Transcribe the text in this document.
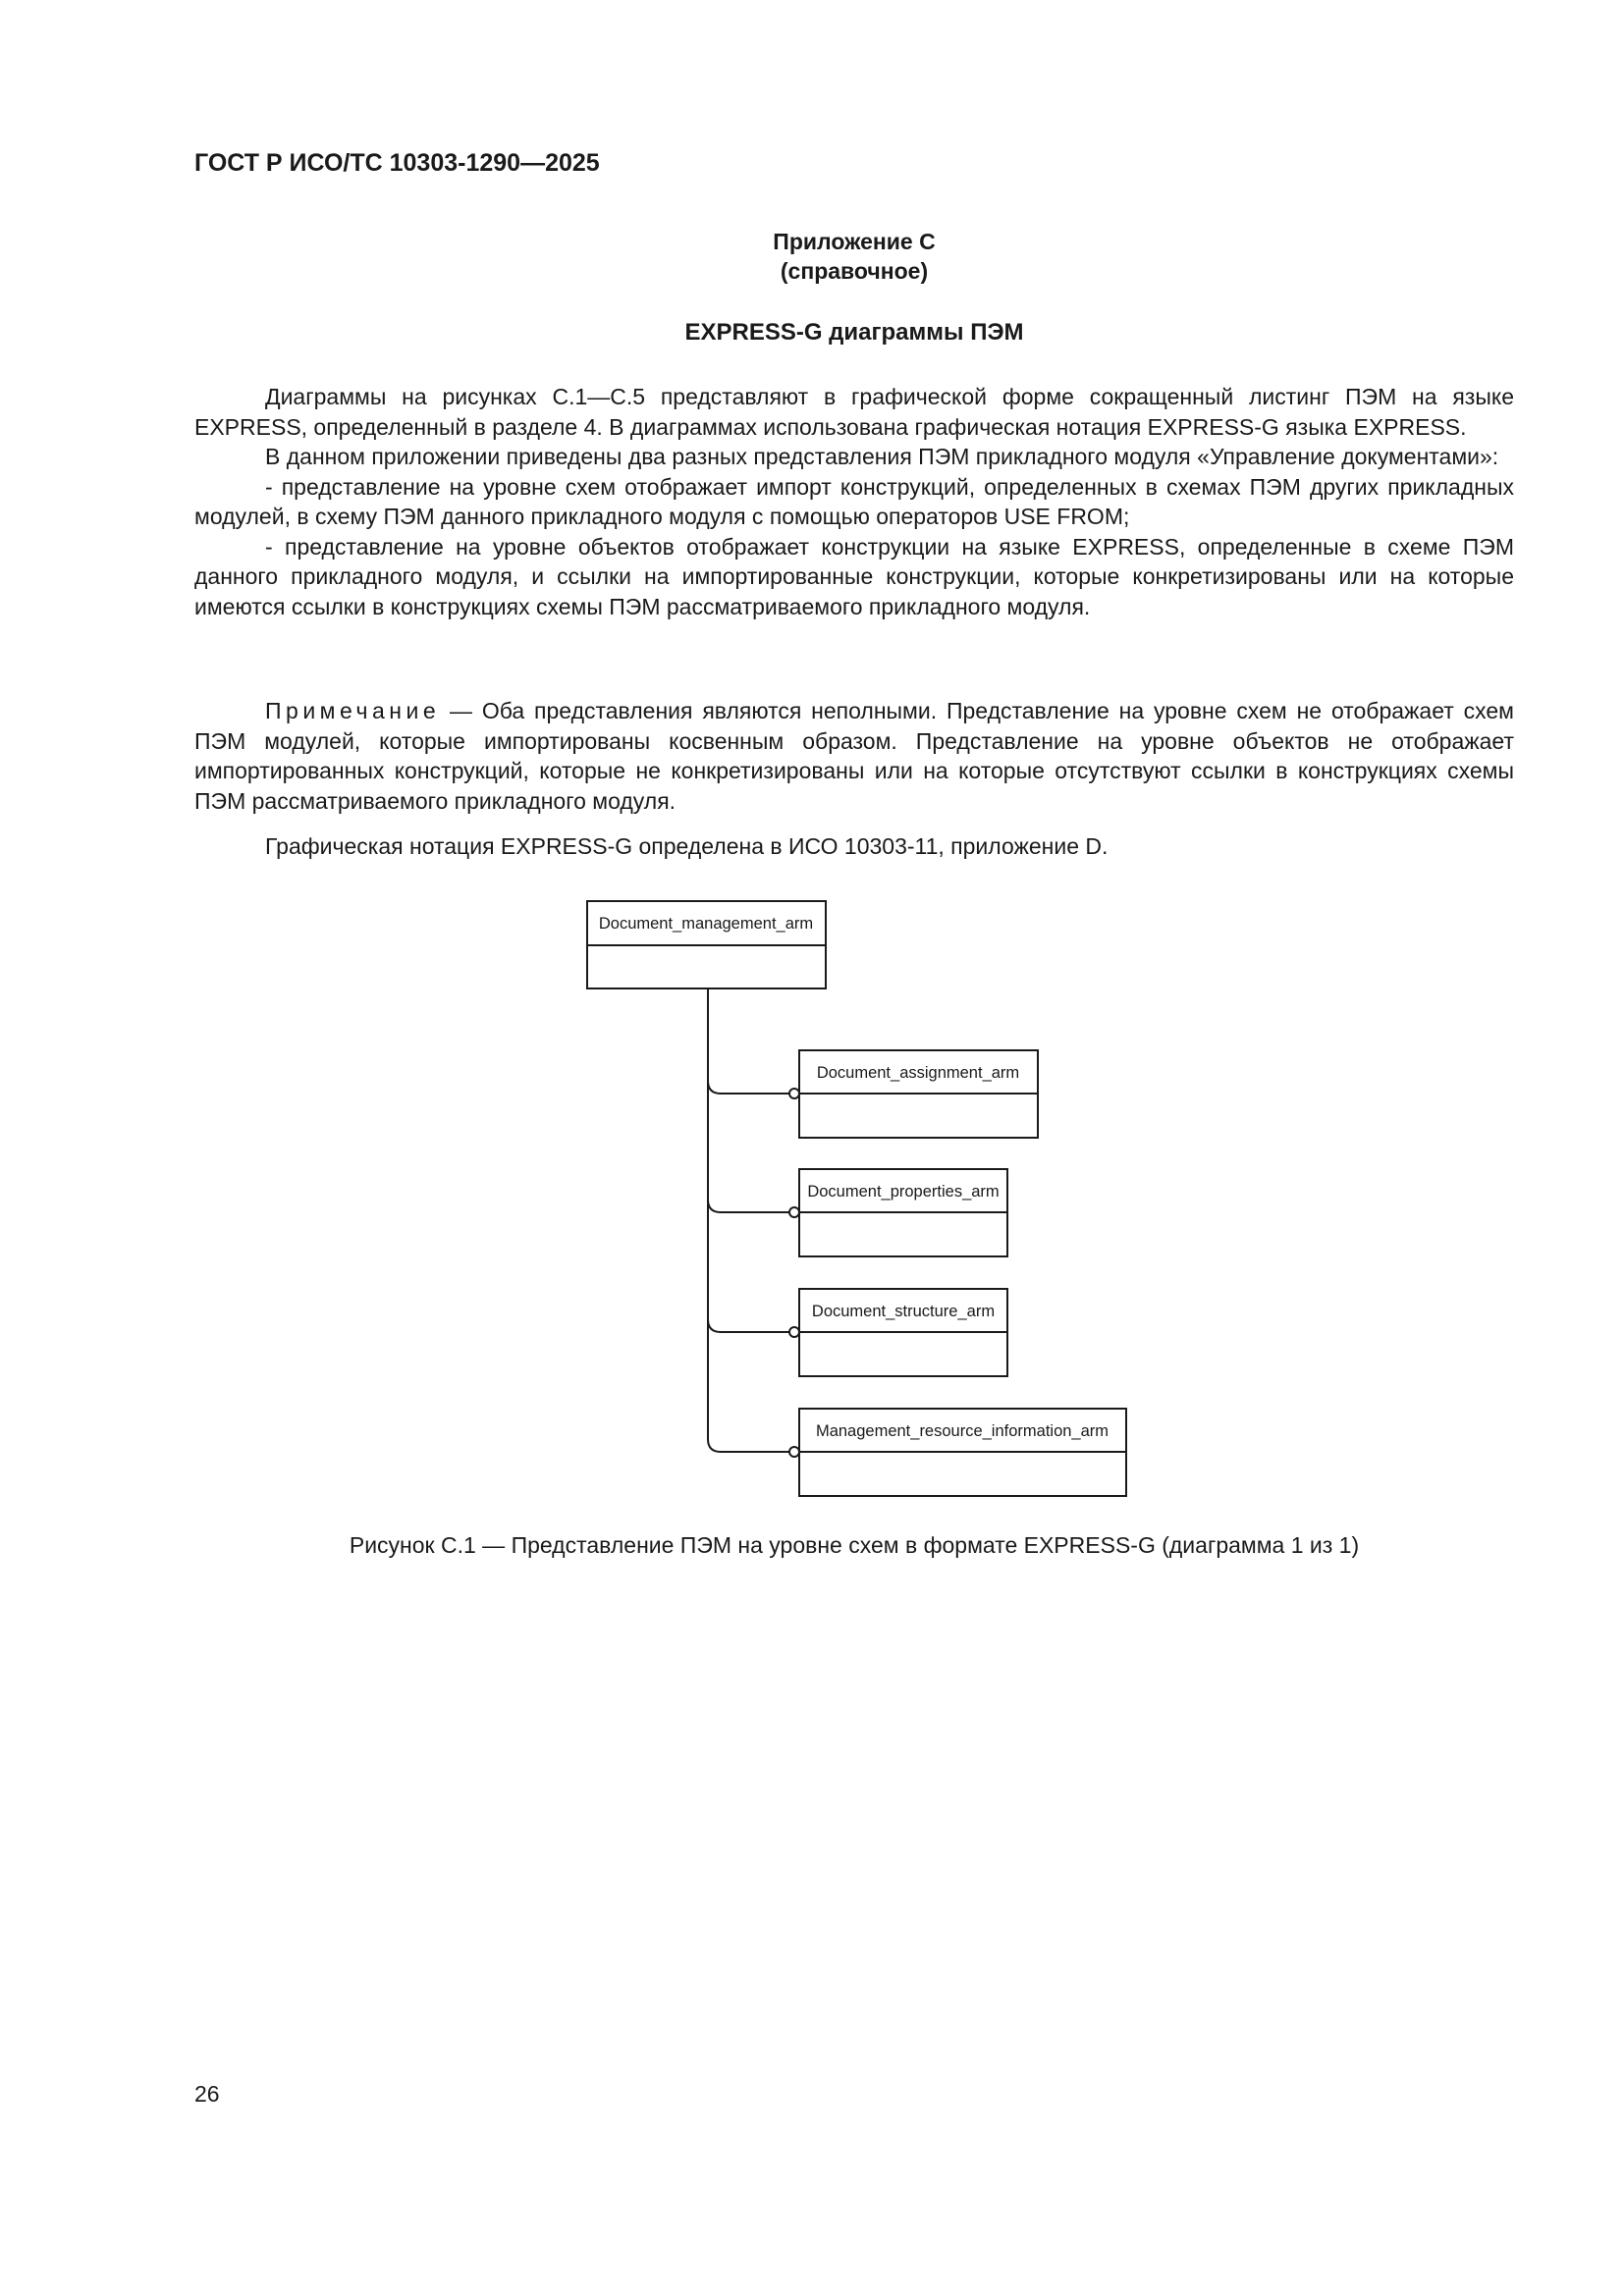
ГОСТ Р ИСО/ТС 10303-1290—2025
Приложение С
(справочное)
EXPRESS-G диаграммы ПЭМ

Диаграммы на рисунках С.1—С.5 представляют в графической форме сокращенный листинг ПЭМ на языке EXPRESS, определенный в разделе 4. В диаграммах использована графическая нотация EXPRESS-G языка EXPRESS.

В данном приложении приведены два разных представления ПЭМ прикладного модуля «Управление документами»:

- представление на уровне схем отображает импорт конструкций, определенных в схемах ПЭМ других прикладных модулей, в схему ПЭМ данного прикладного модуля с помощью операторов USE FROM;

- представление на уровне объектов отображает конструкции на языке EXPRESS, определенные в схеме ПЭМ данного прикладного модуля, и ссылки на импортированные конструкции, которые конкретизированы или на которые имеются ссылки в конструкциях схемы ПЭМ рассматриваемого прикладного модуля.

Примечание — Оба представления являются неполными. Представление на уровне схем не отображает схем ПЭМ модулей, которые импортированы косвенным образом. Представление на уровне объектов не отображает импортированных конструкций, которые не конкретизированы или на которые отсутствуют ссылки в конструкциях схемы ПЭМ рассматриваемого прикладного модуля.

Графическая нотация EXPRESS-G определена в ИСО 10303-11, приложение D.

Document_management_arm
Document_assignment_arm
Document_properties_arm
Document_structure_arm
Management_resource_information_arm
Рисунок С.1 — Представление ПЭМ на уровне схем в формате EXPRESS-G (диаграмма 1 из 1)
26
